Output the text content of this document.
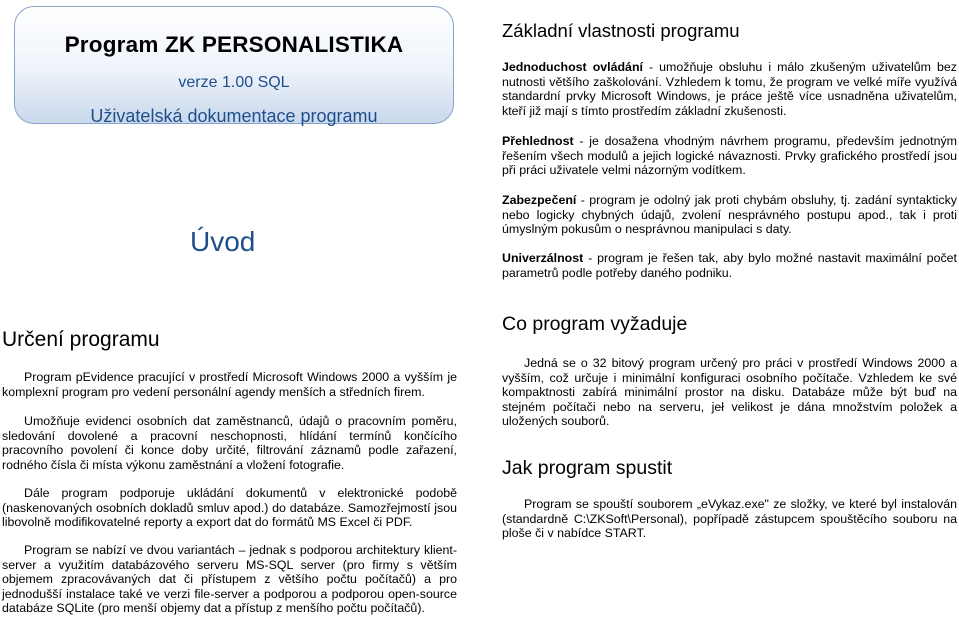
Program ZK PERSONALISTIKA
verze 1.00 SQL
Uživatelská dokumentace programu
Úvod
Určení programu

Program pEvidence pracující v prostředí Microsoft Windows 2000 a vyšším je komplexní program pro vedení personální agendy menších a středních firem.

Umožňuje evidenci osobních dat zaměstnanců, údajů o pracovním poměru, sledování dovolené a pracovní neschopnosti, hlídání termínů končícího pracovního povolení či konce doby určité, filtrování záznamů podle zařazení, rodného čísla či místa výkonu zaměstnání a vložení fotografie.

Dále program podporuje ukládání dokumentů v elektronické podobě (naskenovaných osobních dokladů smluv apod.) do databáze. Samozřejmostí jsou libovolně modifikovatelné reporty a export dat do formátů MS Excel či PDF.

Program se nabízí ve dvou variantách – jednak s podporou architektury klient-server a využitím databázového serveru MS-SQL server (pro firmy s větším objemem zpracovávaných dat či přístupem z většího počtu počítačů) a pro jednodušší instalace také ve verzi file-server a podporou a podporou open-source databáze SQLite (pro menší objemy dat a přístup z menšího počtu počítačů).

Základní vlastnosti programu

Jednoduchost ovládání - umožňuje obsluhu i málo zkušeným uživatelům bez nutnosti většího zaškolování. Vzhledem k tomu, že program ve velké míře využívá standardní prvky Microsoft Windows, je práce ještě více usnadněna uživatelům, kteří již mají s tímto prostředím základní zkušenosti.

Přehlednost - je dosažena vhodným návrhem programu, především jednotným řešením všech modulů a jejich logické návaznosti. Prvky grafického prostředí jsou při práci uživatele velmi názorným vodítkem.

Zabezpečení - program je odolný jak proti chybám obsluhy, tj. zadání syntakticky nebo logicky chybných údajů, zvolení nesprávného postupu apod., tak i proti úmyslným pokusům o nesprávnou manipulaci s daty.

Univerzálnost - program je řešen tak, aby bylo možné nastavit maximální počet parametrů podle potřeby daného podniku.

Co program vyžaduje

Jedná se o 32 bitový program určený pro práci v prostředí Windows 2000 a vyšším, což určuje i minimální konfiguraci osobního počítače. Vzhledem ke své kompaktnosti zabírá minimální prostor na disku. Databáze může být buď na stejném počítači nebo na serveru, jeł velikost je dána množstvím položek a uložených souborů.

Jak program spustit

Program se spouští souborem „eVykaz.exe" ze složky, ve které byl instalován (standardně C:\ZKSoft\Personal), popřípadě zástupcem spouštěcího souboru na ploše či v nabídce START.
